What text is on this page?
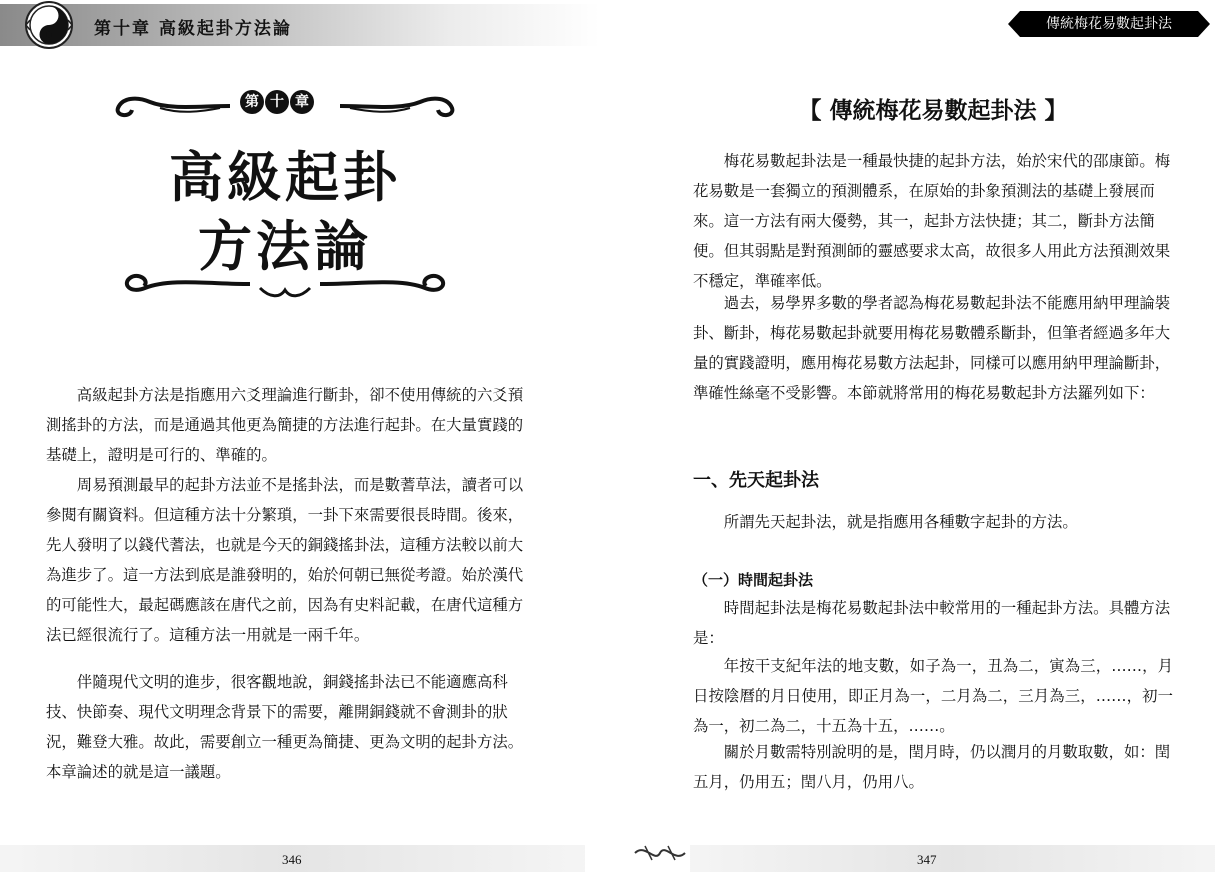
第十章 高級起卦方法論
第 十 章
高級起卦
方法論

高級起卦方法是指應用六爻理論進行斷卦，卻不使用傳統的六爻預測搖卦的方法，而是通過其他更為簡捷的方法進行起卦。在大量實踐的基礎上，證明是可行的、準確的。

周易預測最早的起卦方法並不是搖卦法，而是數蓍草法，讀者可以參閱有關資料。但這種方法十分繁瑣，一卦下來需要很長時間。後來，先人發明了以錢代蓍法，也就是今天的銅錢搖卦法，這種方法較以前大為進步了。這一方法到底是誰發明的，始於何朝已無從考證。始於漢代的可能性大，最起碼應該在唐代之前，因為有史料記載，在唐代這種方法已經很流行了。這種方法一用就是一兩千年。

伴隨現代文明的進步，很客觀地說，銅錢搖卦法已不能適應高科技、快節奏、現代文明理念背景下的需要，離開銅錢就不會測卦的狀況，難登大雅。故此，需要創立一種更為簡捷、更為文明的起卦方法。本章論述的就是這一議題。

346
傳統梅花易數起卦法
【 傳統梅花易數起卦法 】

梅花易數起卦法是一種最快捷的起卦方法，始於宋代的邵康節。梅花易數是一套獨立的預測體系，在原始的卦象預測法的基礎上發展而來。這一方法有兩大優勢，其一，起卦方法快捷；其二，斷卦方法簡便。但其弱點是對預測師的靈感要求太高，故很多人用此方法預測效果不穩定，準確率低。

過去，易學界多數的學者認為梅花易數起卦法不能應用納甲理論裝卦、斷卦，梅花易數起卦就要用梅花易數體系斷卦，但筆者經過多年大量的實踐證明，應用梅花易數方法起卦，同樣可以應用納甲理論斷卦，準確性絲毫不受影響。本節就將常用的梅花易數起卦方法羅列如下：

一、先天起卦法

所謂先天起卦法，就是指應用各種數字起卦的方法。

（一）時間起卦法

時間起卦法是梅花易數起卦法中較常用的一種起卦方法。具體方法是：

年按干支紀年法的地支數，如子為一，丑為二，寅為三，……，月日按陰曆的月日使用，即正月為一，二月為二，三月為三，……，初一為一，初二為二，十五為十五，……。

關於月數需特別說明的是，閏月時，仍以潤月的月數取數，如：閏五月，仍用五；閏八月，仍用八。

347
